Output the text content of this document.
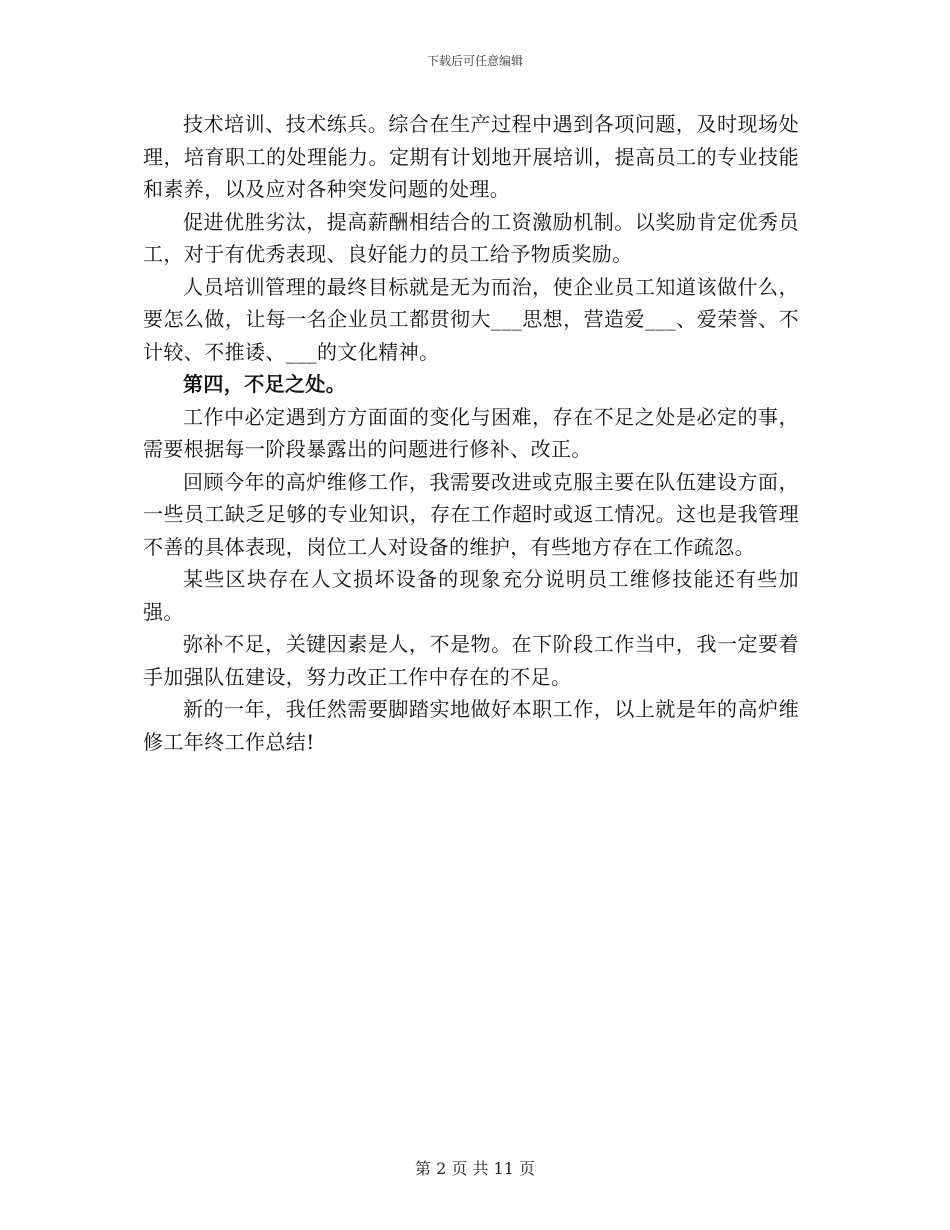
下载后可任意编辑

技术培训、技术练兵。综合在生产过程中遇到各项问题，及时现场处理，培育职工的处理能力。定期有计划地开展培训，提高员工的专业技能和素养，以及应对各种突发问题的处理。

促进优胜劣汰，提高薪酬相结合的工资激励机制。以奖励肯定优秀员工，对于有优秀表现、良好能力的员工给予物质奖励。

人员培训管理的最终目标就是无为而治，使企业员工知道该做什么，要怎么做，让每一名企业员工都贯彻大___思想，营造爱___、爱荣誉、不计较、不推诿、___的文化精神。

第四，不足之处。

工作中必定遇到方方面面的变化与困难，存在不足之处是必定的事，需要根据每一阶段暴露出的问题进行修补、改正。

回顾今年的高炉维修工作，我需要改进或克服主要在队伍建设方面，一些员工缺乏足够的专业知识，存在工作超时或返工情况。这也是我管理不善的具体表现，岗位工人对设备的维护，有些地方存在工作疏忽。

某些区块存在人文损坏设备的现象充分说明员工维修技能还有些加强。

弥补不足，关键因素是人，不是物。在下阶段工作当中，我一定要着手加强队伍建设，努力改正工作中存在的不足。

新的一年，我任然需要脚踏实地做好本职工作，以上就是年的高炉维修工年终工作总结!

第 2 页 共 11 页
